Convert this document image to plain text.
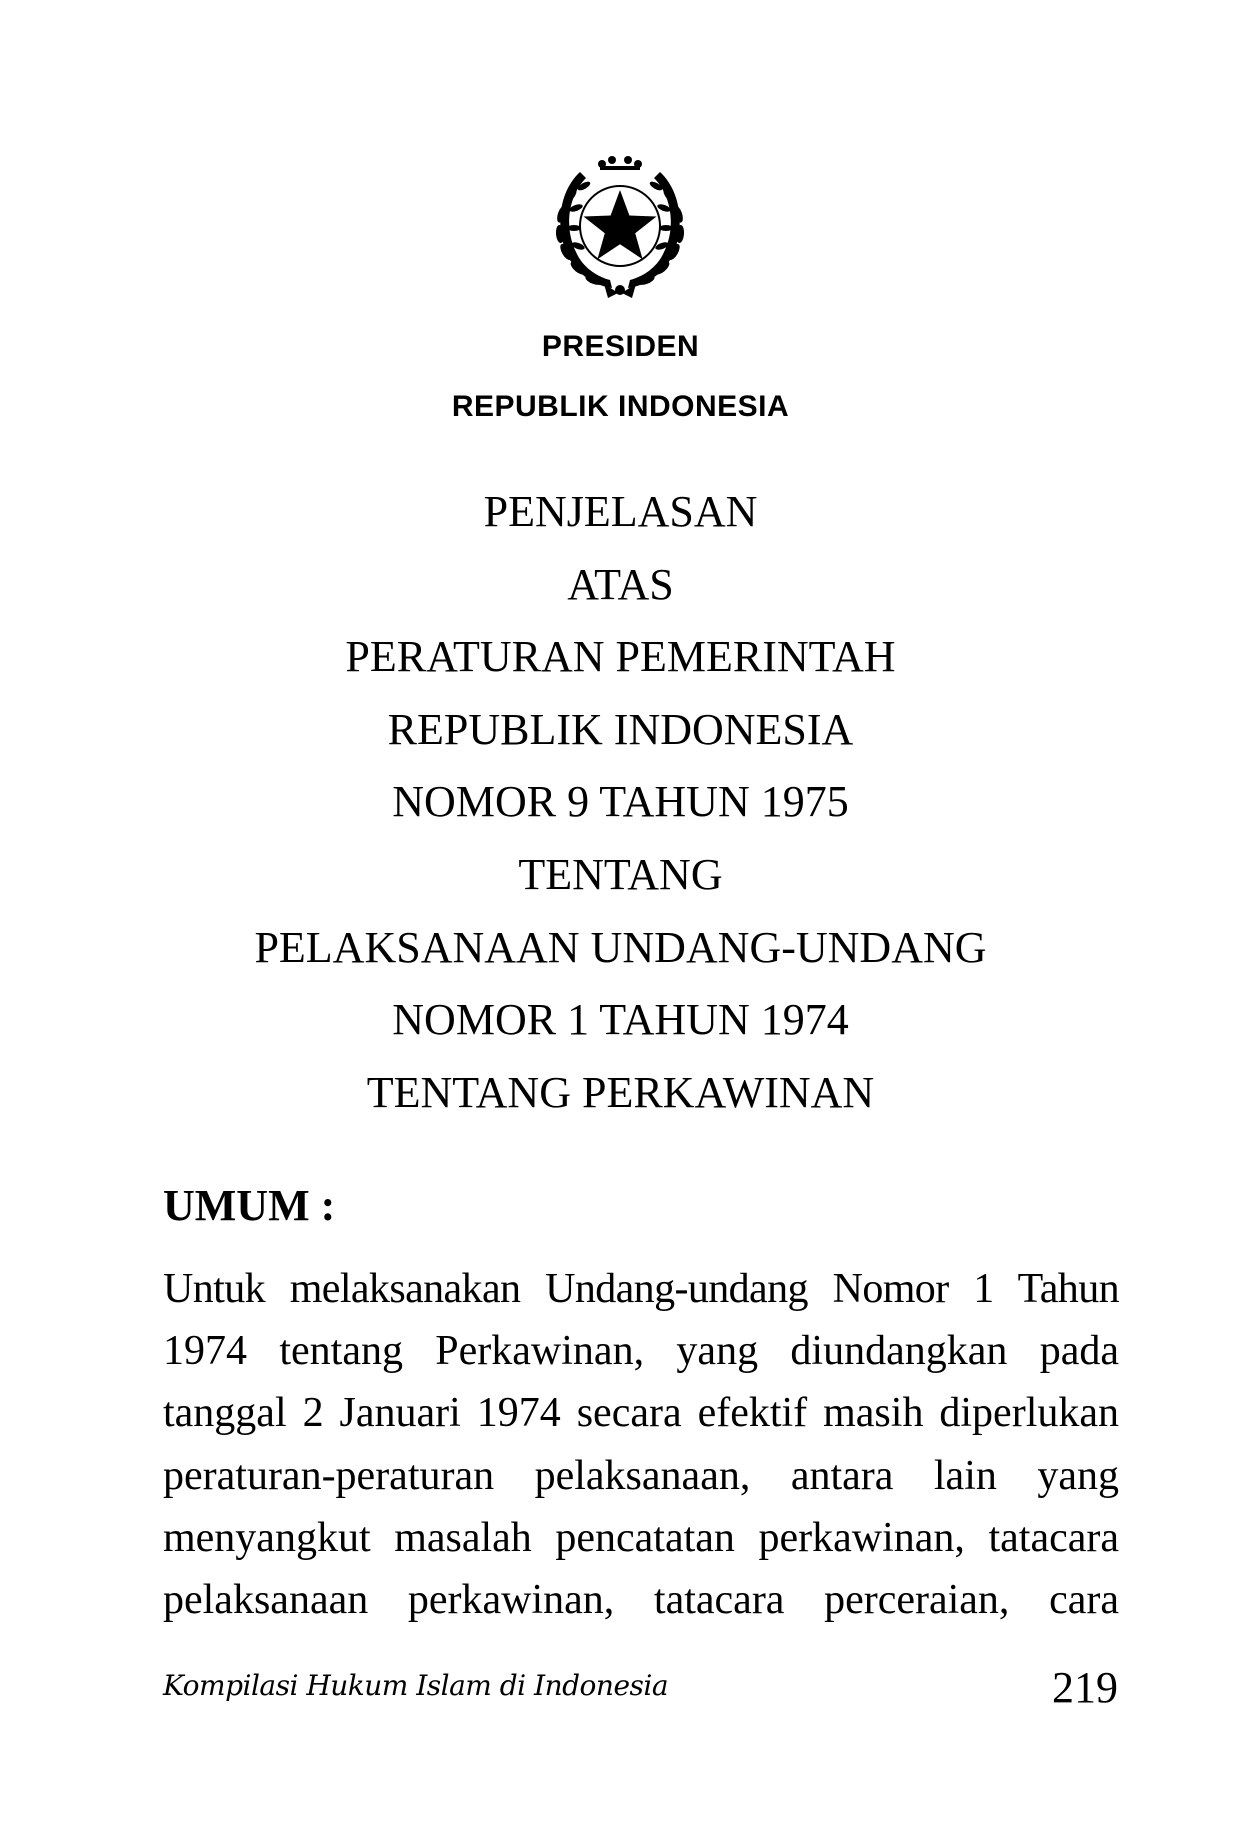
PRESIDEN
REPUBLIK INDONESIA
PENJELASAN
ATAS
PERATURAN PEMERINTAH
REPUBLIK INDONESIA
NOMOR 9 TAHUN 1975
TENTANG
PELAKSANAAN UNDANG-UNDANG
NOMOR 1 TAHUN 1974
TENTANG PERKAWINAN
UMUM :
Untuk melaksanakan Undang-undang Nomor 1 Tahun
1974 tentang Perkawinan, yang diundangkan pada
tanggal 2 Januari 1974 secara efektif masih diperlukan
peraturan-peraturan pelaksanaan, antara lain yang
menyangkut masalah pencatatan perkawinan, tatacara
pelaksanaan perkawinan, tatacara perceraian, cara
Kompilasi Hukum Islam di Indonesia	219
